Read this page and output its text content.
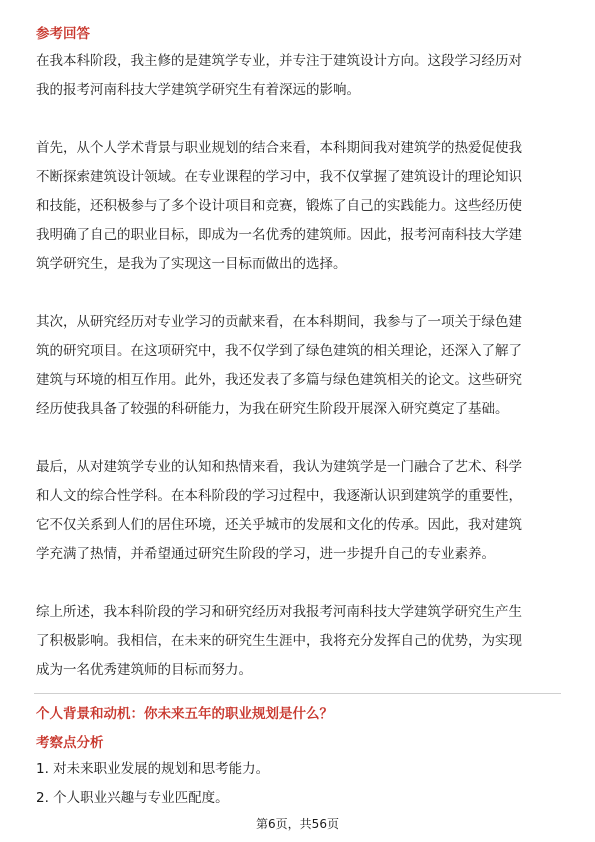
参考回答
在我本科阶段，我主修的是建筑学专业，并专注于建筑设计方向。这段学习经历对
我的报考河南科技大学建筑学研究生有着深远的影响。
首先，从个人学术背景与职业规划的结合来看，本科期间我对建筑学的热爱促使我
不断探索建筑设计领域。在专业课程的学习中，我不仅掌握了建筑设计的理论知识
和技能，还积极参与了多个设计项目和竞赛，锻炼了自己的实践能力。这些经历使
我明确了自己的职业目标，即成为一名优秀的建筑师。因此，报考河南科技大学建
筑学研究生，是我为了实现这一目标而做出的选择。
其次，从研究经历对专业学习的贡献来看，在本科期间，我参与了一项关于绿色建
筑的研究项目。在这项研究中，我不仅学到了绿色建筑的相关理论，还深入了解了
建筑与环境的相互作用。此外，我还发表了多篇与绿色建筑相关的论文。这些研究
经历使我具备了较强的科研能力，为我在研究生阶段开展深入研究奠定了基础。
最后，从对建筑学专业的认知和热情来看，我认为建筑学是一门融合了艺术、科学
和人文的综合性学科。在本科阶段的学习过程中，我逐渐认识到建筑学的重要性，
它不仅关系到人们的居住环境，还关乎城市的发展和文化的传承。因此，我对建筑
学充满了热情，并希望通过研究生阶段的学习，进一步提升自己的专业素养。
综上所述，我本科阶段的学习和研究经历对我报考河南科技大学建筑学研究生产生
了积极影响。我相信，在未来的研究生生涯中，我将充分发挥自己的优势，为实现
成为一名优秀建筑师的目标而努力。
个人背景和动机：你未来五年的职业规划是什么？
考察点分析
1. 对未来职业发展的规划和思考能力。
2. 个人职业兴趣与专业匹配度。
第6页，共56页
